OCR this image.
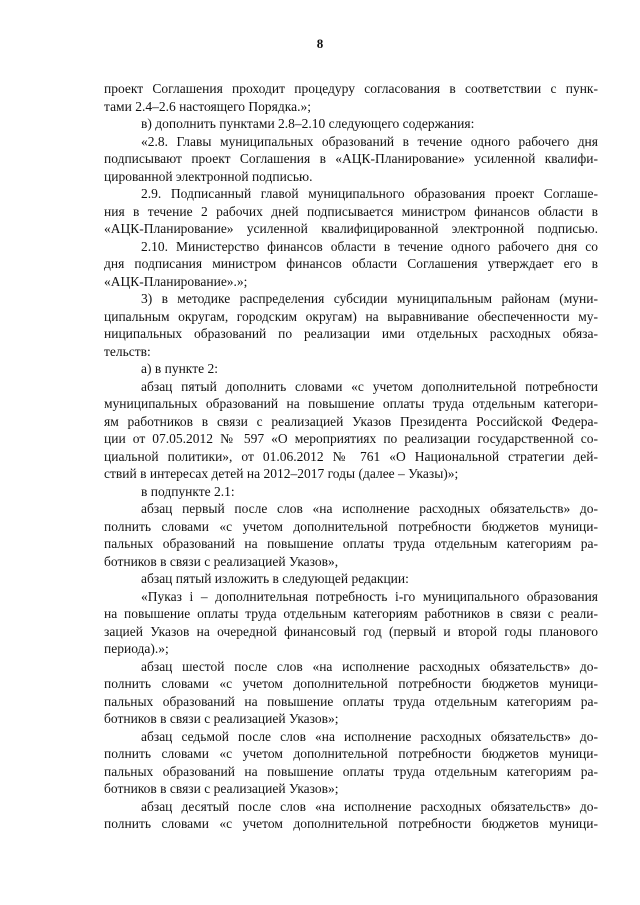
8
проект Соглашения проходит процедуру согласования в соответствии с пунк-
тами 2.4–2.6 настоящего Порядка.»;
в) дополнить пунктами 2.8–2.10 следующего содержания:
«2.8. Главы муниципальных образований в течение одного рабочего дня
подписывают проект Соглашения в «АЦК-Планирование» усиленной квалифи-
цированной электронной подписью.
2.9. Подписанный главой муниципального образования проект Соглаше-
ния в течение 2 рабочих дней подписывается министром финансов области в
«АЦК-Планирование» усиленной квалифицированной электронной подписью.
2.10. Министерство финансов области в течение одного рабочего дня со
дня подписания министром финансов области Соглашения утверждает его в
«АЦК-Планирование».»;
3) в методике распределения субсидии муниципальным районам (муни-
ципальным округам, городским округам) на выравнивание обеспеченности му-
ниципальных образований по реализации ими отдельных расходных обяза-
тельств:
а) в пункте 2:
абзац пятый дополнить словами «с учетом дополнительной потребности
муниципальных образований на повышение оплаты труда отдельным категори-
ям работников в связи с реализацией Указов Президента Российской Федера-
ции от 07.05.2012 № 597 «О мероприятиях по реализации государственной со-
циальной политики», от 01.06.2012 № 761 «О Национальной стратегии дей-
ствий в интересах детей на 2012–2017 годы (далее – Указы)»;
в подпункте 2.1:
абзац первый после слов «на исполнение расходных обязательств» до-
полнить словами «с учетом дополнительной потребности бюджетов муници-
пальных образований на повышение оплаты труда отдельным категориям ра-
ботников в связи с реализацией Указов»,
абзац пятый изложить в следующей редакции:
«Пуказ i – дополнительная потребность i-го муниципального образования
на повышение оплаты труда отдельным категориям работников в связи с реали-
зацией Указов на очередной финансовый год (первый и второй годы планового
периода).»;
абзац шестой после слов «на исполнение расходных обязательств» до-
полнить словами «с учетом дополнительной потребности бюджетов муници-
пальных образований на повышение оплаты труда отдельным категориям ра-
ботников в связи с реализацией Указов»;
абзац седьмой после слов «на исполнение расходных обязательств» до-
полнить словами «с учетом дополнительной потребности бюджетов муници-
пальных образований на повышение оплаты труда отдельным категориям ра-
ботников в связи с реализацией Указов»;
абзац десятый после слов «на исполнение расходных обязательств» до-
полнить словами «с учетом дополнительной потребности бюджетов муници-
